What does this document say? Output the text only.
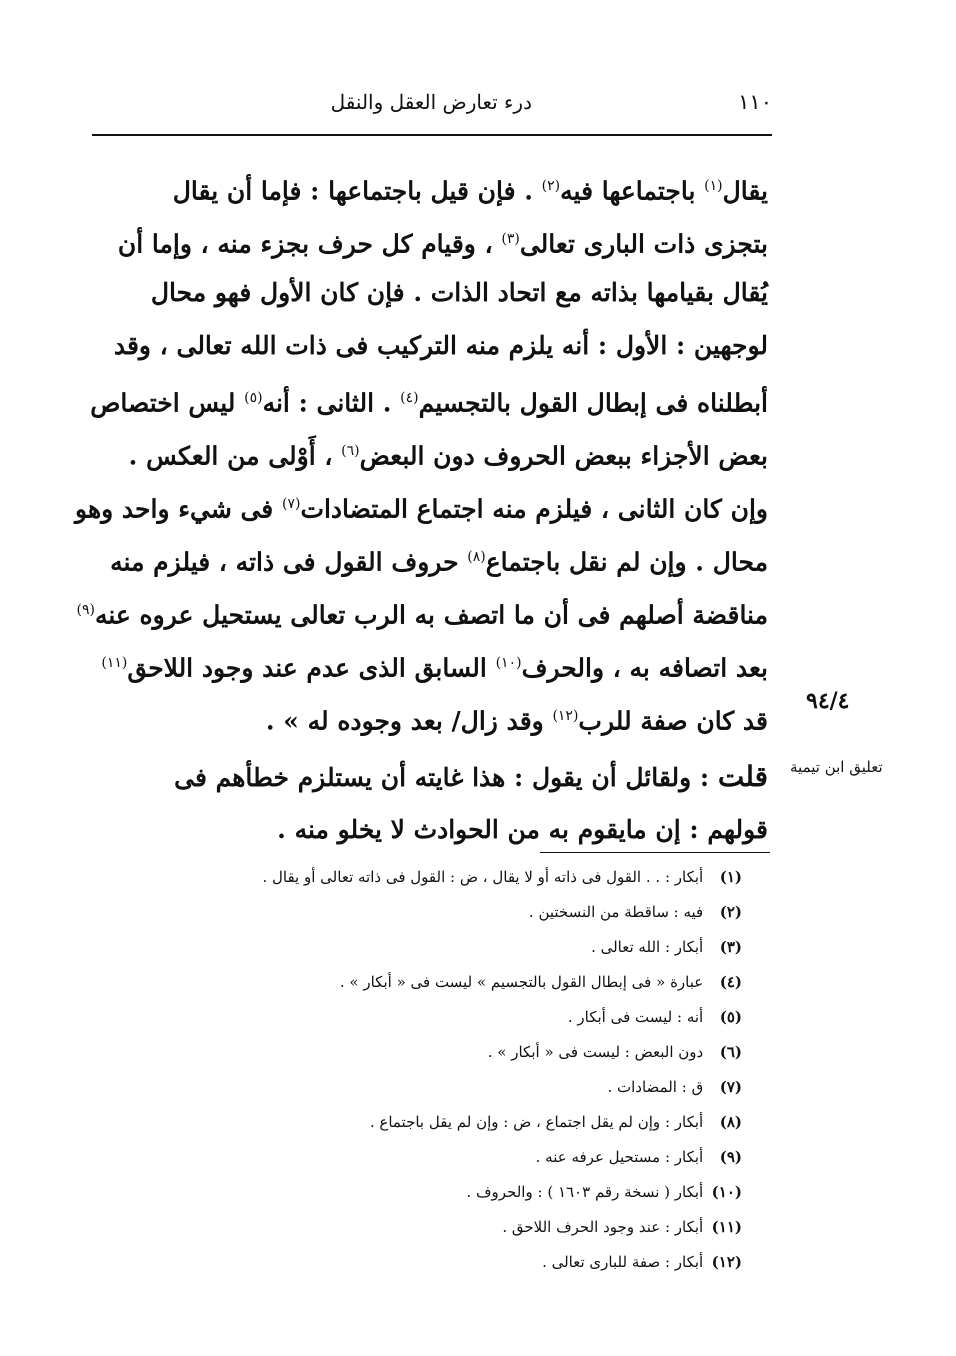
١١٠
درء تعارض العقل والنقل
يقال$^{(١)}$ باجتماعها فيه$^{(٢)}$ . فإن قيل باجتماعها : فإما أن يقال
بتجزى ذات البارى تعالى$^{(٣)}$ ، وقيام كل حرف بجزء منه ، وإما أن
يُقال بقيامها بذاته مع اتحاد الذات . فإن كان الأول فهو محال
لوجهين : الأول : أنه يلزم منه التركيب فى ذات الله تعالى ، وقد
أبطلناه فى إبطال القول بالتجسيم$^{(٤)}$ . الثانى : أنه$^{(٥)}$ ليس اختصاص
بعض الأجزاء ببعض الحروف دون البعض$^{(٦)}$ ، أَوْلى من العكس .
وإن كان الثانى ، فيلزم منه اجتماع المتضادات$^{(٧)}$ فى شيء واحد وهو
محال . وإن لم نقل باجتماع$^{(٨)}$ حروف القول فى ذاته ، فيلزم منه
مناقضة أصلهم فى أن ما اتصف به الرب تعالى يستحيل عروه عنه$^{(٩)}$
بعد اتصافه به ، والحرف$^{(١٠)}$ السابق الذى عدم عند وجود اللاحق$^{(١١)}$
قد كان صفة للرب$^{(١٢)}$ وقد زال/ بعد وجوده له » .
٩٤/٤
تعليق ابن تيمية
قلت : ولقائل أن يقول : هذا غايته أن يستلزم خطأهم فى
قولهم : إن مايقوم به من الحوادث لا يخلو منه .
(١) أبكار : . . القول فى ذاته أو لا يقال ، ض : القول فى ذاته تعالى أو يقال .
(٢) فيه : ساقطة من النسختين .
(٣) أبكار : الله تعالى .
(٤) عبارة « فى إبطال القول بالتجسيم » ليست فى « أبكار » .
(٥) أنه : ليست فى أبكار .
(٦) دون البعض : ليست فى « أبكار » .
(٧) ق : المضادات .
(٨) أبكار : وإن لم يقل اجتماع ، ض : وإن لم يقل باجتماع .
(٩) أبكار : مستحيل عرفه عنه .
(١٠) أبكار ( نسخة رقم ١٦٠٣ ) : والحروف .
(١١) أبكار : عند وجود الحرف اللاحق .
(١٢) أبكار : صفة للبارى تعالى .
